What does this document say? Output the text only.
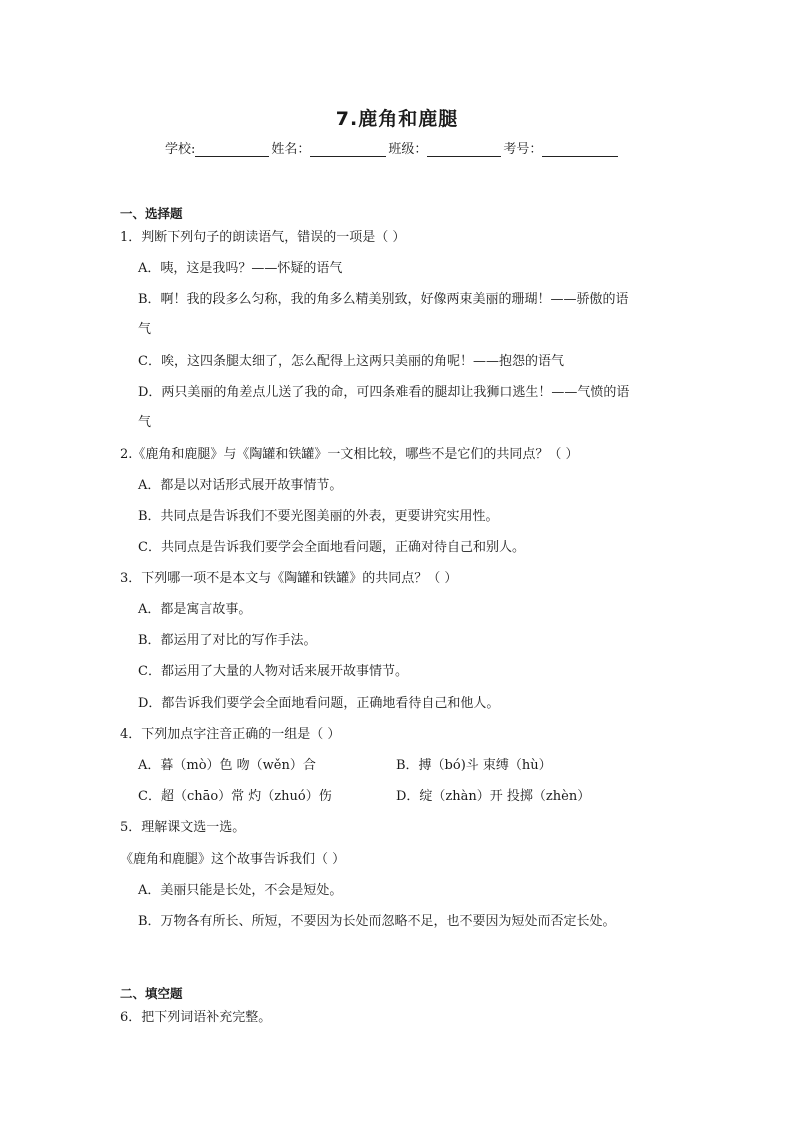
7.鹿角和鹿腿
学校:	姓名：	班级：	考号：
一、选择题
1．判断下列句子的朗读语气，错误的一项是（ ）
A．咦，这是我吗？——怀疑的语气
B．啊！我的段多么匀称，我的角多么精美别致，好像两束美丽的珊瑚！——骄傲的语
气
C．唉，这四条腿太细了，怎么配得上这两只美丽的角呢！——抱怨的语气
D．两只美丽的角差点儿送了我的命，可四条难看的腿却让我狮口逃生！——气愤的语
气
2.《鹿角和鹿腿》与《陶罐和铁罐》一文相比较，哪些不是它们的共同点？（ ）
A．都是以对话形式展开故事情节。
B．共同点是告诉我们不要光图美丽的外表，更要讲究实用性。
C．共同点是告诉我们要学会全面地看问题，正确对待自己和别人。
3．下列哪一项不是本文与《陶罐和铁罐》的共同点？（ ）
A．都是寓言故事。
B．都运用了对比的写作手法。
C．都运用了大量的人物对话来展开故事情节。
D．都告诉我们要学会全面地看问题，正确地看待自己和他人。
4．下列加点字注音正确的一组是（ ）
A．暮（mò）色 吻（wěn）合	B．搏（bó)斗 束缚（hù）
C．超（chāo）常 灼（zhuó）伤	D．绽（zhàn）开 投掷（zhèn）
5．理解课文选一选。
《鹿角和鹿腿》这个故事告诉我们（ ）
A．美丽只能是长处，不会是短处。
B．万物各有所长、所短，不要因为长处而忽略不足，也不要因为短处而否定长处。
二、填空题
6．把下列词语补充完整。
